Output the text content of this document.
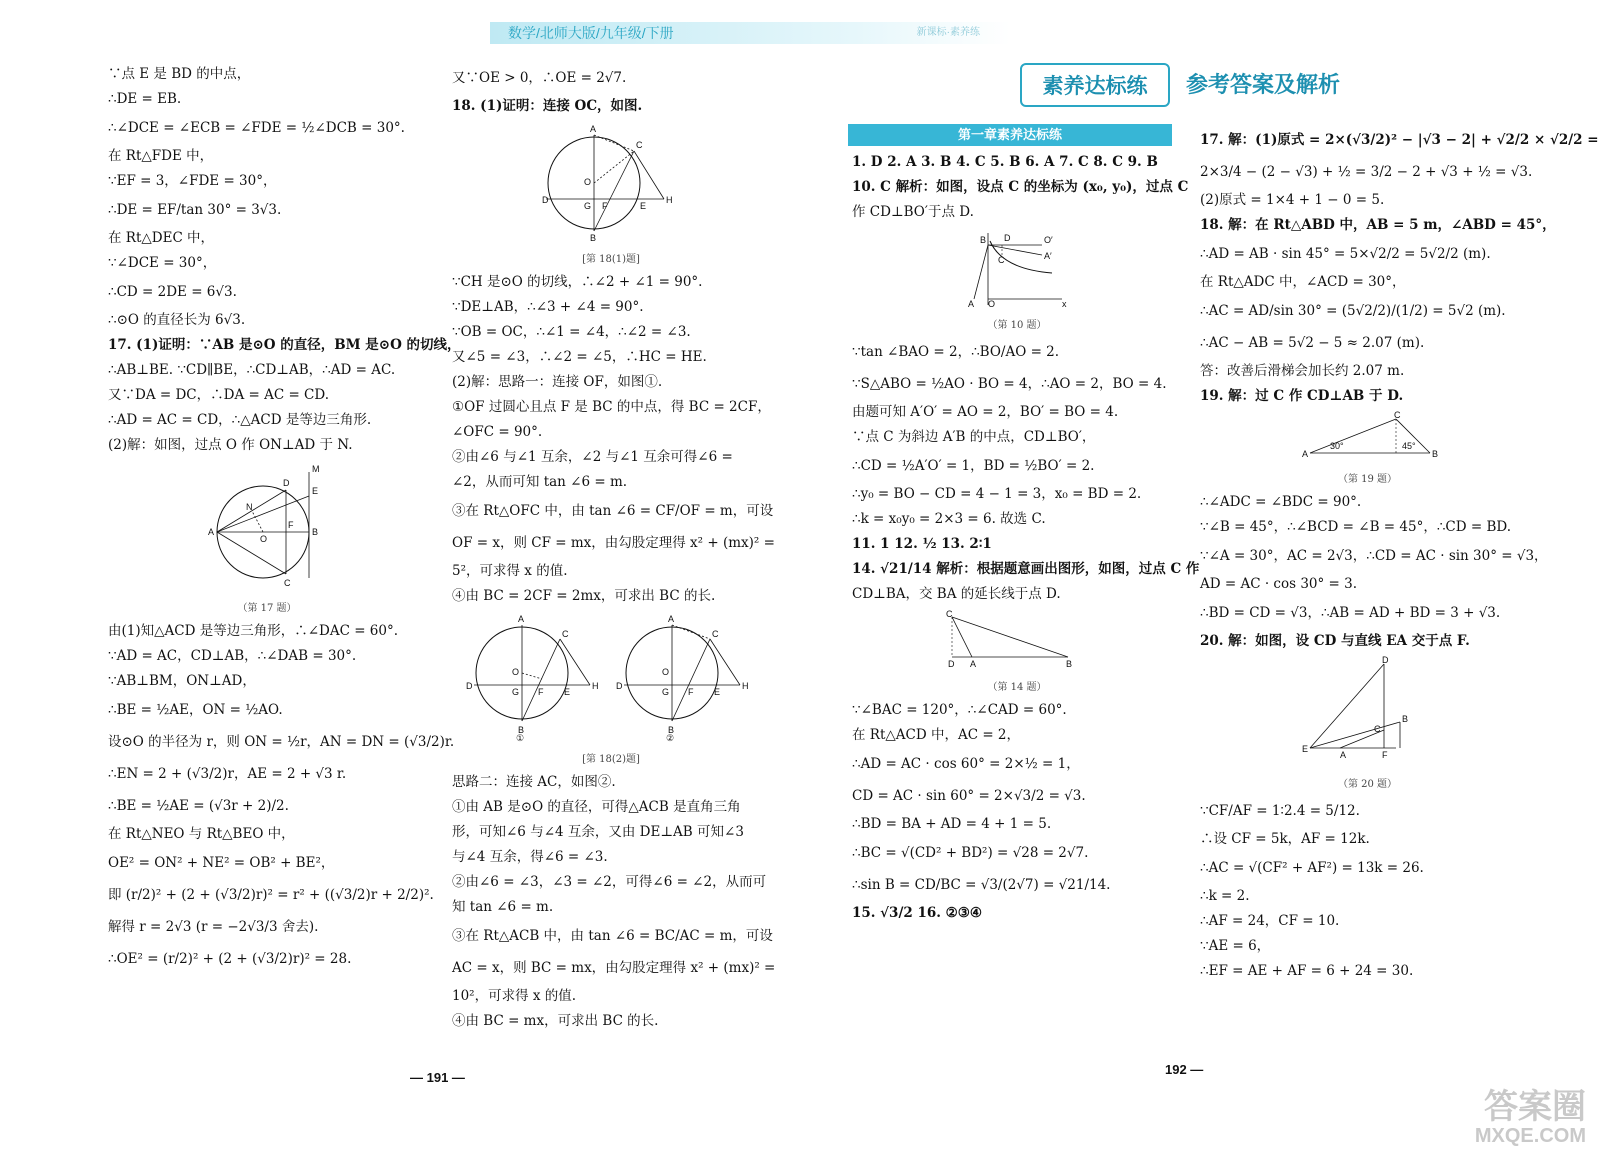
数学/北师大版/九年级/下册	新课标·素养练
∵点 E 是 BD 的中点，
∴DE = EB.
∴∠DCE = ∠ECB = ∠FDE = ½∠DCB = 30°.
在 Rt△FDE 中，
∵EF = 3，∠FDE = 30°，
∴DE = EF/tan 30° = 3√3.
在 Rt△DEC 中，
∵∠DCE = 30°，
∴CD = 2DE = 6√3.
∴⊙O 的直径长为 6√3.
17. (1)证明：∵AB 是⊙O 的直径，BM 是⊙O 的切线，
∴AB⊥BE. ∵CD∥BE，∴CD⊥AB，∴AD = AC.
又∵DA = DC，∴DA = AC = CD.
∴AD = AC = CD，∴△ACD 是等边三角形.
(2)解：如图，过点 O 作 ON⊥AD 于 N.
A	B
D
E
M
C
O
N
F
（第 17 题）
由(1)知△ACD 是等边三角形，∴∠DAC = 60°.
∵AD = AC，CD⊥AB，∴∠DAB = 30°.
∵AB⊥BM，ON⊥AD，
∴BE = ½AE，ON = ½AO.
设⊙O 的半径为 r，则 ON = ½r，AN = DN = (√3/2)r.
∴EN = 2 + (√3/2)r，AE = 2 + √3 r.
∴BE = ½AE = (√3r + 2)/2.
在 Rt△NEO 与 Rt△BEO 中，
OE² = ON² + NE² = OB² + BE²，
即 (r/2)² + (2 + (√3/2)r)² = r² + ((√3/2)r + 2/2)².
解得 r = 2√3 (r = −2√3/3 舍去).
∴OE² = (r/2)² + (2 + (√3/2)r)² = 28.
又∵OE > 0，∴OE = 2√7.
18. (1)证明：连接 OC，如图.
A
B
C
D
E
H
O
G F
[第 18(1)题]
∵CH 是⊙O 的切线，∴∠2 + ∠1 = 90°.
∵DE⊥AB，∴∠3 + ∠4 = 90°.
∵OB = OC，∴∠1 = ∠4，∴∠2 = ∠3.
又∠5 = ∠3，∴∠2 = ∠5，∴HC = HE.
(2)解：思路一：连接 OF，如图①.
①OF 过圆心且点 F 是 BC 的中点，得 BC = 2CF，
∠OFC = 90°.
②由∠6 与∠1 互余，∠2 与∠1 互余可得∠6 =
∠2，从而可知 tan ∠6 = m.
③在 Rt△OFC 中，由 tan ∠6 = CF/OF = m，可设
OF = x，则 CF = mx，由勾股定理得 x² + (mx)² =
5²，可求得 x 的值.
④由 BC = 2CF = 2mx，可求出 BC 的长.
A
B
C
D
E
H
O
G F
①
A
B
C
D
E
H
O
G F
②
[第 18(2)题]
思路二：连接 AC，如图②.
①由 AB 是⊙O 的直径，可得△ACB 是直角三角
形，可知∠6 与∠4 互余，又由 DE⊥AB 可知∠3
与∠4 互余，得∠6 = ∠3.
②由∠6 = ∠3，∠3 = ∠2，可得∠6 = ∠2，从而可
知 tan ∠6 = m.
③在 Rt△ACB 中，由 tan ∠6 = BC/AC = m，可设
AC = x，则 BC = mx，由勾股定理得 x² + (mx)² =
10²，可求得 x 的值.
④由 BC = mx，可求出 BC 的长.
素养达标练	参考答案及解析
第一章素养达标练
1. D 2. A 3. B 4. C 5. B 6. A 7. C 8. C 9. B
10. C 解析：如图，设点 C 的坐标为 (x₀, y₀)，过点 C
作 CD⊥BO′于点 D.
B D	O′
C	A′
A O	x
（第 10 题）
∵tan ∠BAO = 2，∴BO/AO = 2.
∵S△ABO = ½AO · BO = 4，∴AO = 2，BO = 4.
由题可知 A′O′ = AO = 2，BO′ = BO = 4.
∵点 C 为斜边 A′B 的中点，CD⊥BO′，
∴CD = ½A′O′ = 1，BD = ½BO′ = 2.
∴y₀ = BO − CD = 4 − 1 = 3，x₀ = BD = 2.
∴k = x₀y₀ = 2×3 = 6. 故选 C.
11. 1 12. ½ 13. 2∶1
14. √21/14 解析：根据题意画出图形，如图，过点 C 作
CD⊥BA，交 BA 的延长线于点 D.
C
D A	B
（第 14 题）
∵∠BAC = 120°，∴∠CAD = 60°.
在 Rt△ACD 中，AC = 2，
∴AD = AC · cos 60° = 2×½ = 1，
CD = AC · sin 60° = 2×√3/2 = √3.
∴BD = BA + AD = 4 + 1 = 5.
∴BC = √(CD² + BD²) = √28 = 2√7.
∴sin B = CD/BC = √3/(2√7) = √21/14.
15. √3/2 16. ②③④
17. 解：(1)原式 = 2×(√3/2)² − |√3 − 2| + √2/2 × √2/2 =
2×3/4 − (2 − √3) + ½ = 3/2 − 2 + √3 + ½ = √3.
(2)原式 = 1×4 + 1 − 0 = 5.
18. 解：在 Rt△ABD 中，AB = 5 m，∠ABD = 45°，
∴AD = AB · sin 45° = 5×√2/2 = 5√2/2 (m).
在 Rt△ADC 中，∠ACD = 30°，
∴AC = AD/sin 30° = (5√2/2)/(1/2) = 5√2 (m).
∴AC − AB = 5√2 − 5 ≈ 2.07 (m).
答：改善后滑梯会加长约 2.07 m.
19. 解：过 C 作 CD⊥AB 于 D.
A	B
C
30°	45°
（第 19 题）
∴∠ADC = ∠BDC = 90°.
∵∠B = 45°，∴∠BCD = ∠B = 45°，∴CD = BD.
∵∠A = 30°，AC = 2√3，∴CD = AC · sin 30° = √3，
AD = AC · cos 30° = 3.
∴BD = CD = √3，∴AB = AD + BD = 3 + √3.
20. 解：如图，设 CD 与直线 EA 交于点 F.
D
B
C
E
A	F
（第 20 题）
∵CF/AF = 1∶2.4 = 5/12.
∴设 CF = 5k，AF = 12k.
∴AC = √(CF² + AF²) = 13k = 26.
∴k = 2.
∴AF = 24，CF = 10.
∵AE = 6，
∴EF = AE + AF = 6 + 24 = 30.
— 191 —
192 —
答案圈
MXQE.COM
